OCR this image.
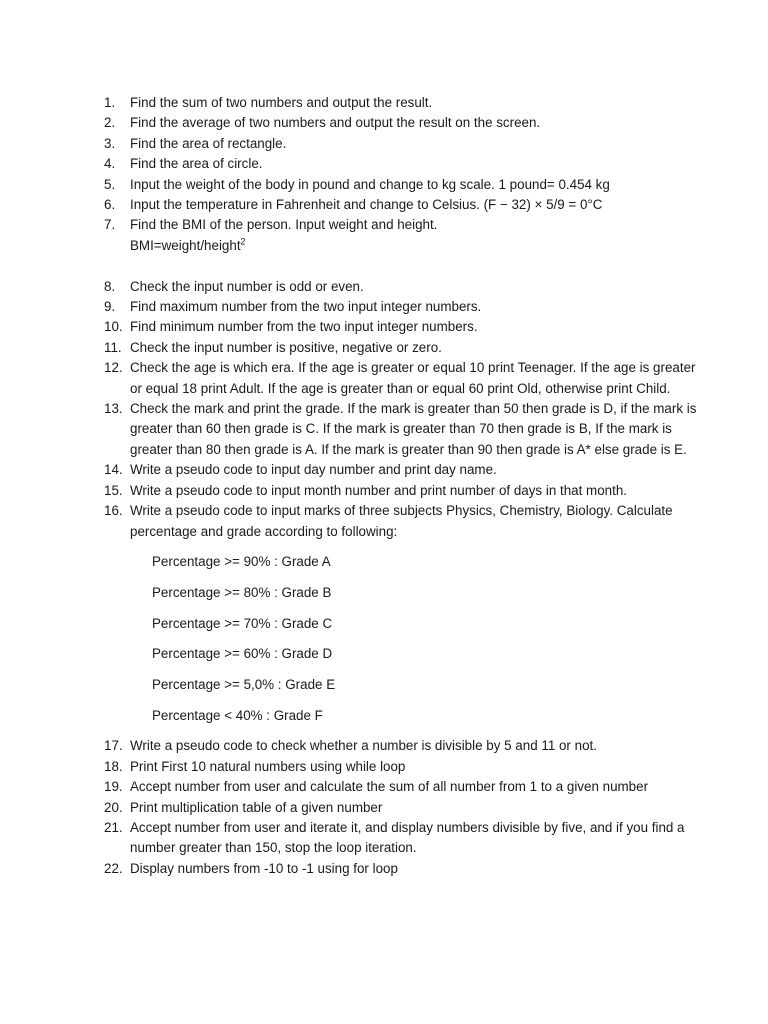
1.	Find the sum of two numbers and output the result.
2.	Find the average of two numbers and output the result on the screen.
3.	Find the area of rectangle.
4.	Find the area of circle.
5.	Input the weight of the body in pound and change to kg scale. 1 pound= 0.454 kg
6.	Input the temperature in Fahrenheit and change to Celsius. (F − 32) × 5/9 = 0°C
7.	Find the BMI of the person. Input weight and height.
BMI=weight/height$^2$
8.	Check the input number is odd or even.
9.	Find maximum number from the two input integer numbers.
10. Find minimum number from the two input integer numbers.
11. Check the input number is positive, negative or zero.
12. Check the age is which era. If the age is greater or equal 10 print Teenager. If the age is greater or equal 18 print Adult. If the age is greater than or equal 60 print Old, otherwise print Child.
13. Check the mark and print the grade. If the mark is greater than 50 then grade is D, if the mark is greater than 60 then grade is C. If the mark is greater than 70 then grade is B, If the mark is greater than 80 then grade is A. If the mark is greater than 90 then grade is A* else grade is E.
14. Write a pseudo code to input day number and print day name.
15. Write a pseudo code to input month number and print number of days in that month.
16. Write a pseudo code to input marks of three subjects Physics, Chemistry, Biology. Calculate percentage and grade according to following:
Percentage >= 90% : Grade A
Percentage >= 80% : Grade B
Percentage >= 70% : Grade C
Percentage >= 60% : Grade D
Percentage >= 5,0% : Grade E
Percentage < 40% : Grade F
17. Write a pseudo code to check whether a number is divisible by 5 and 11 or not.
18. Print First 10 natural numbers using while loop
19. Accept number from user and calculate the sum of all number from 1 to a given number
20. Print multiplication table of a given number
21. Accept number from user and iterate it, and display numbers divisible by five, and if you find a number greater than 150, stop the loop iteration.
22. Display numbers from -10 to -1 using for loop
